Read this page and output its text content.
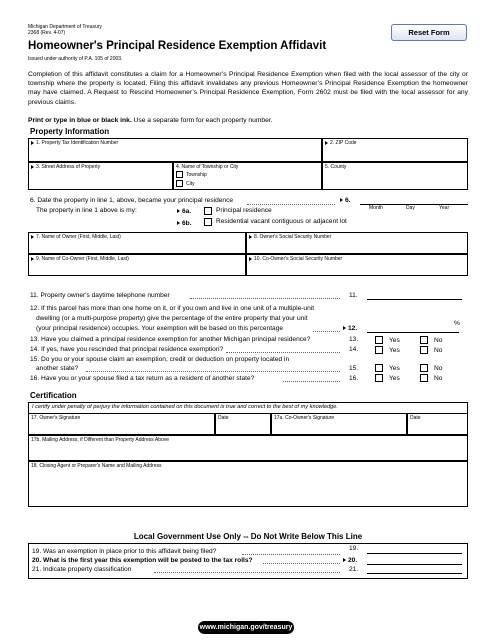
Michigan Department of Treasury
2368 (Rev. 4-07)
Homeowner's Principal Residence Exemption Affidavit
Issued under authority of P.A. 105 of 2003.
Reset Form
Completion of this affidavit constitutes a claim for a Homeowner’s Principal Residence Exemption when filed with the local assessor of the city or township where the property is located. Filing this affidavit invalidates any previous Homeowner’s Principal Residence Exemption the homeowner may have claimed. A Request to Rescind Homeowner’s Principal Residence Exemption, Form 2602 must be filed with the local assessor for any previous claims.
Print or type in blue or black ink. Use a separate form for each property number.
Property Information
1. Property Tax Identification Number	2. ZIP Code
3. Street Address of Property	4. Name of Township or City
Township
City
5. County
6. Date the property in line 1, above, became your principal residence	6.
Month	Day	Year
The property in line 1 above is my:	6a.	Principal residence
6b.	Residential vacant contiguous or adjacent lot
7. Name of Owner (First, Middle, Last)	8. Owner's Social Security Number
9. Name of Co-Owner (First, Middle, Last)	10. Co-Owner's Social Security Number
11. Property owner's daytime telephone number	11.
12. If this parcel has more than one home on it, or if you own and live in one unit of a multiple-unit
dwelling (or a multi-purpose property) give the percentage of the entire property that your unit
(your principal residence) occupies. Your exemption will be based on this percentage	12.
%
13. Have you claimed a principal residence exemption for another Michigan principal residence?	13.	Yes	No
14. If yes, have you rescinded that principal residence exemption?	14.	Yes	No
15. Do you or your spouse claim an exemption, credit or deduction on property located in
another state?	15.	Yes	No
16. Have you or your spouse filed a tax return as a resident of another state?	16.	Yes	No
Certification
I certify under penalty of perjury the information contained on this document is true and correct to the best of my knowledge.
17. Owner's Signature	Date	17a. Co-Owner's Signature	Date
17b. Mailing Address, if Different than Property Address Above
18. Closing Agent or Preparer's Name and Mailing Address
Local Government Use Only -- Do Not Write Below This Line
19. Was an exemption in place prior to this affidavit being filed?	19.
20. What is the first year this exemption will be posted to the tax rolls?	20.
21. Indicate property classification	21.
www.michigan.gov/treasury
